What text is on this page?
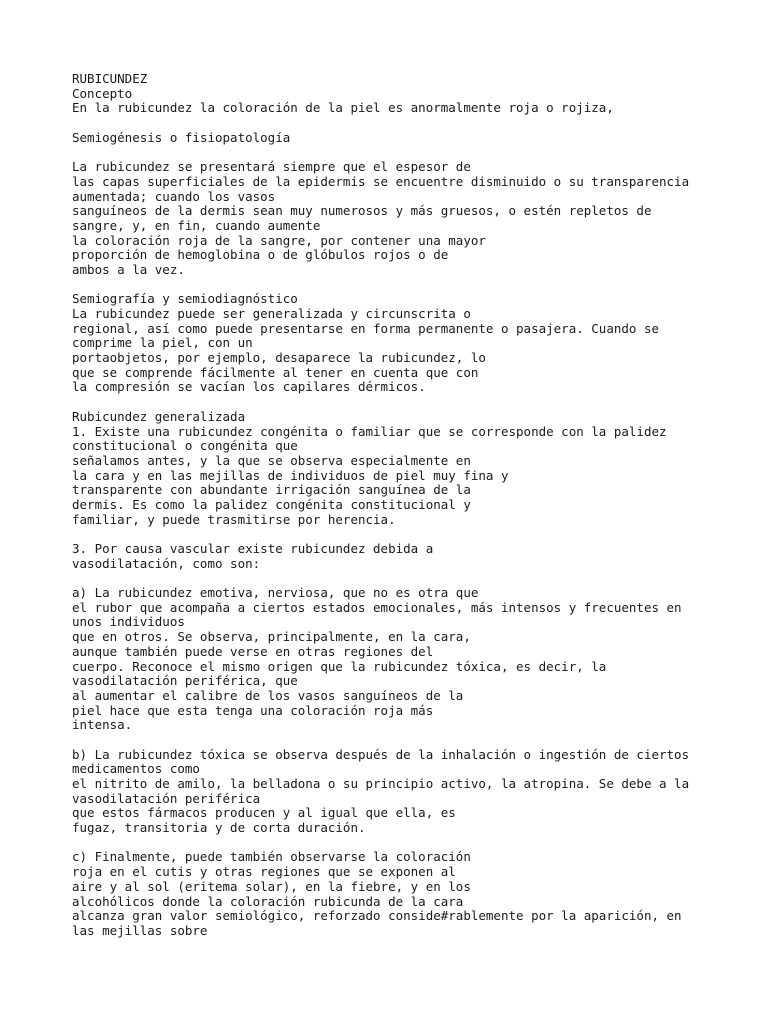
RUBICUNDEZ
Concepto
En la rubicundez la coloración de la piel es anormalmente roja o rojiza,
Semiogénesis o fisiopatología
La rubicundez se presentará siempre que el espesor de
las capas superficiales de la epidermis se encuentre disminuido o su transparencia
aumentada; cuando los vasos
sanguíneos de la dermis sean muy numerosos y más gruesos, o estén repletos de
sangre, y, en fin, cuando aumente
la coloración roja de la sangre, por contener una mayor
proporción de hemoglobina o de glóbulos rojos o de
ambos a la vez.
Semiografía y semiodiagnóstico
La rubicundez puede ser generalizada y circunscrita o
regional, así como puede presentarse en forma permanente o pasajera. Cuando se
comprime la piel, con un
portaobjetos, por ejemplo, desaparece la rubicundez, lo
que se comprende fácilmente al tener en cuenta que con
la compresión se vacían los capilares dérmicos.
Rubicundez generalizada
1. Existe una rubicundez congénita o familiar que se corresponde con la palidez
constitucional o congénita que
señalamos antes, y la que se observa especialmente en
la cara y en las mejillas de individuos de piel muy fina y
transparente con abundante irrigación sanguínea de la
dermis. Es como la palidez congénita constitucional y
familiar, y puede trasmitirse por herencia.
3. Por causa vascular existe rubicundez debida a
vasodilatación, como son:
a) La rubicundez emotiva, nerviosa, que no es otra que
el rubor que acompaña a ciertos estados emocionales, más intensos y frecuentes en
unos individuos
que en otros. Se observa, principalmente, en la cara,
aunque también puede verse en otras regiones del
cuerpo. Reconoce el mismo origen que la rubicundez tóxica, es decir, la
vasodilatación periférica, que
al aumentar el calibre de los vasos sanguíneos de la
piel hace que esta tenga una coloración roja más
intensa.
b) La rubicundez tóxica se observa después de la inhalación o ingestión de ciertos
medicamentos como
el nitrito de amilo, la belladona o su principio activo, la atropina. Se debe a la
vasodilatación periférica
que estos fármacos producen y al igual que ella, es
fugaz, transitoria y de corta duración.
c) Finalmente, puede también observarse la coloración
roja en el cutis y otras regiones que se exponen al
aire y al sol (eritema solar), en la fiebre, y en los
alcohólicos donde la coloración rubicunda de la cara
alcanza gran valor semiológico, reforzado conside#rablemente por la aparición, en
las mejillas sobre
